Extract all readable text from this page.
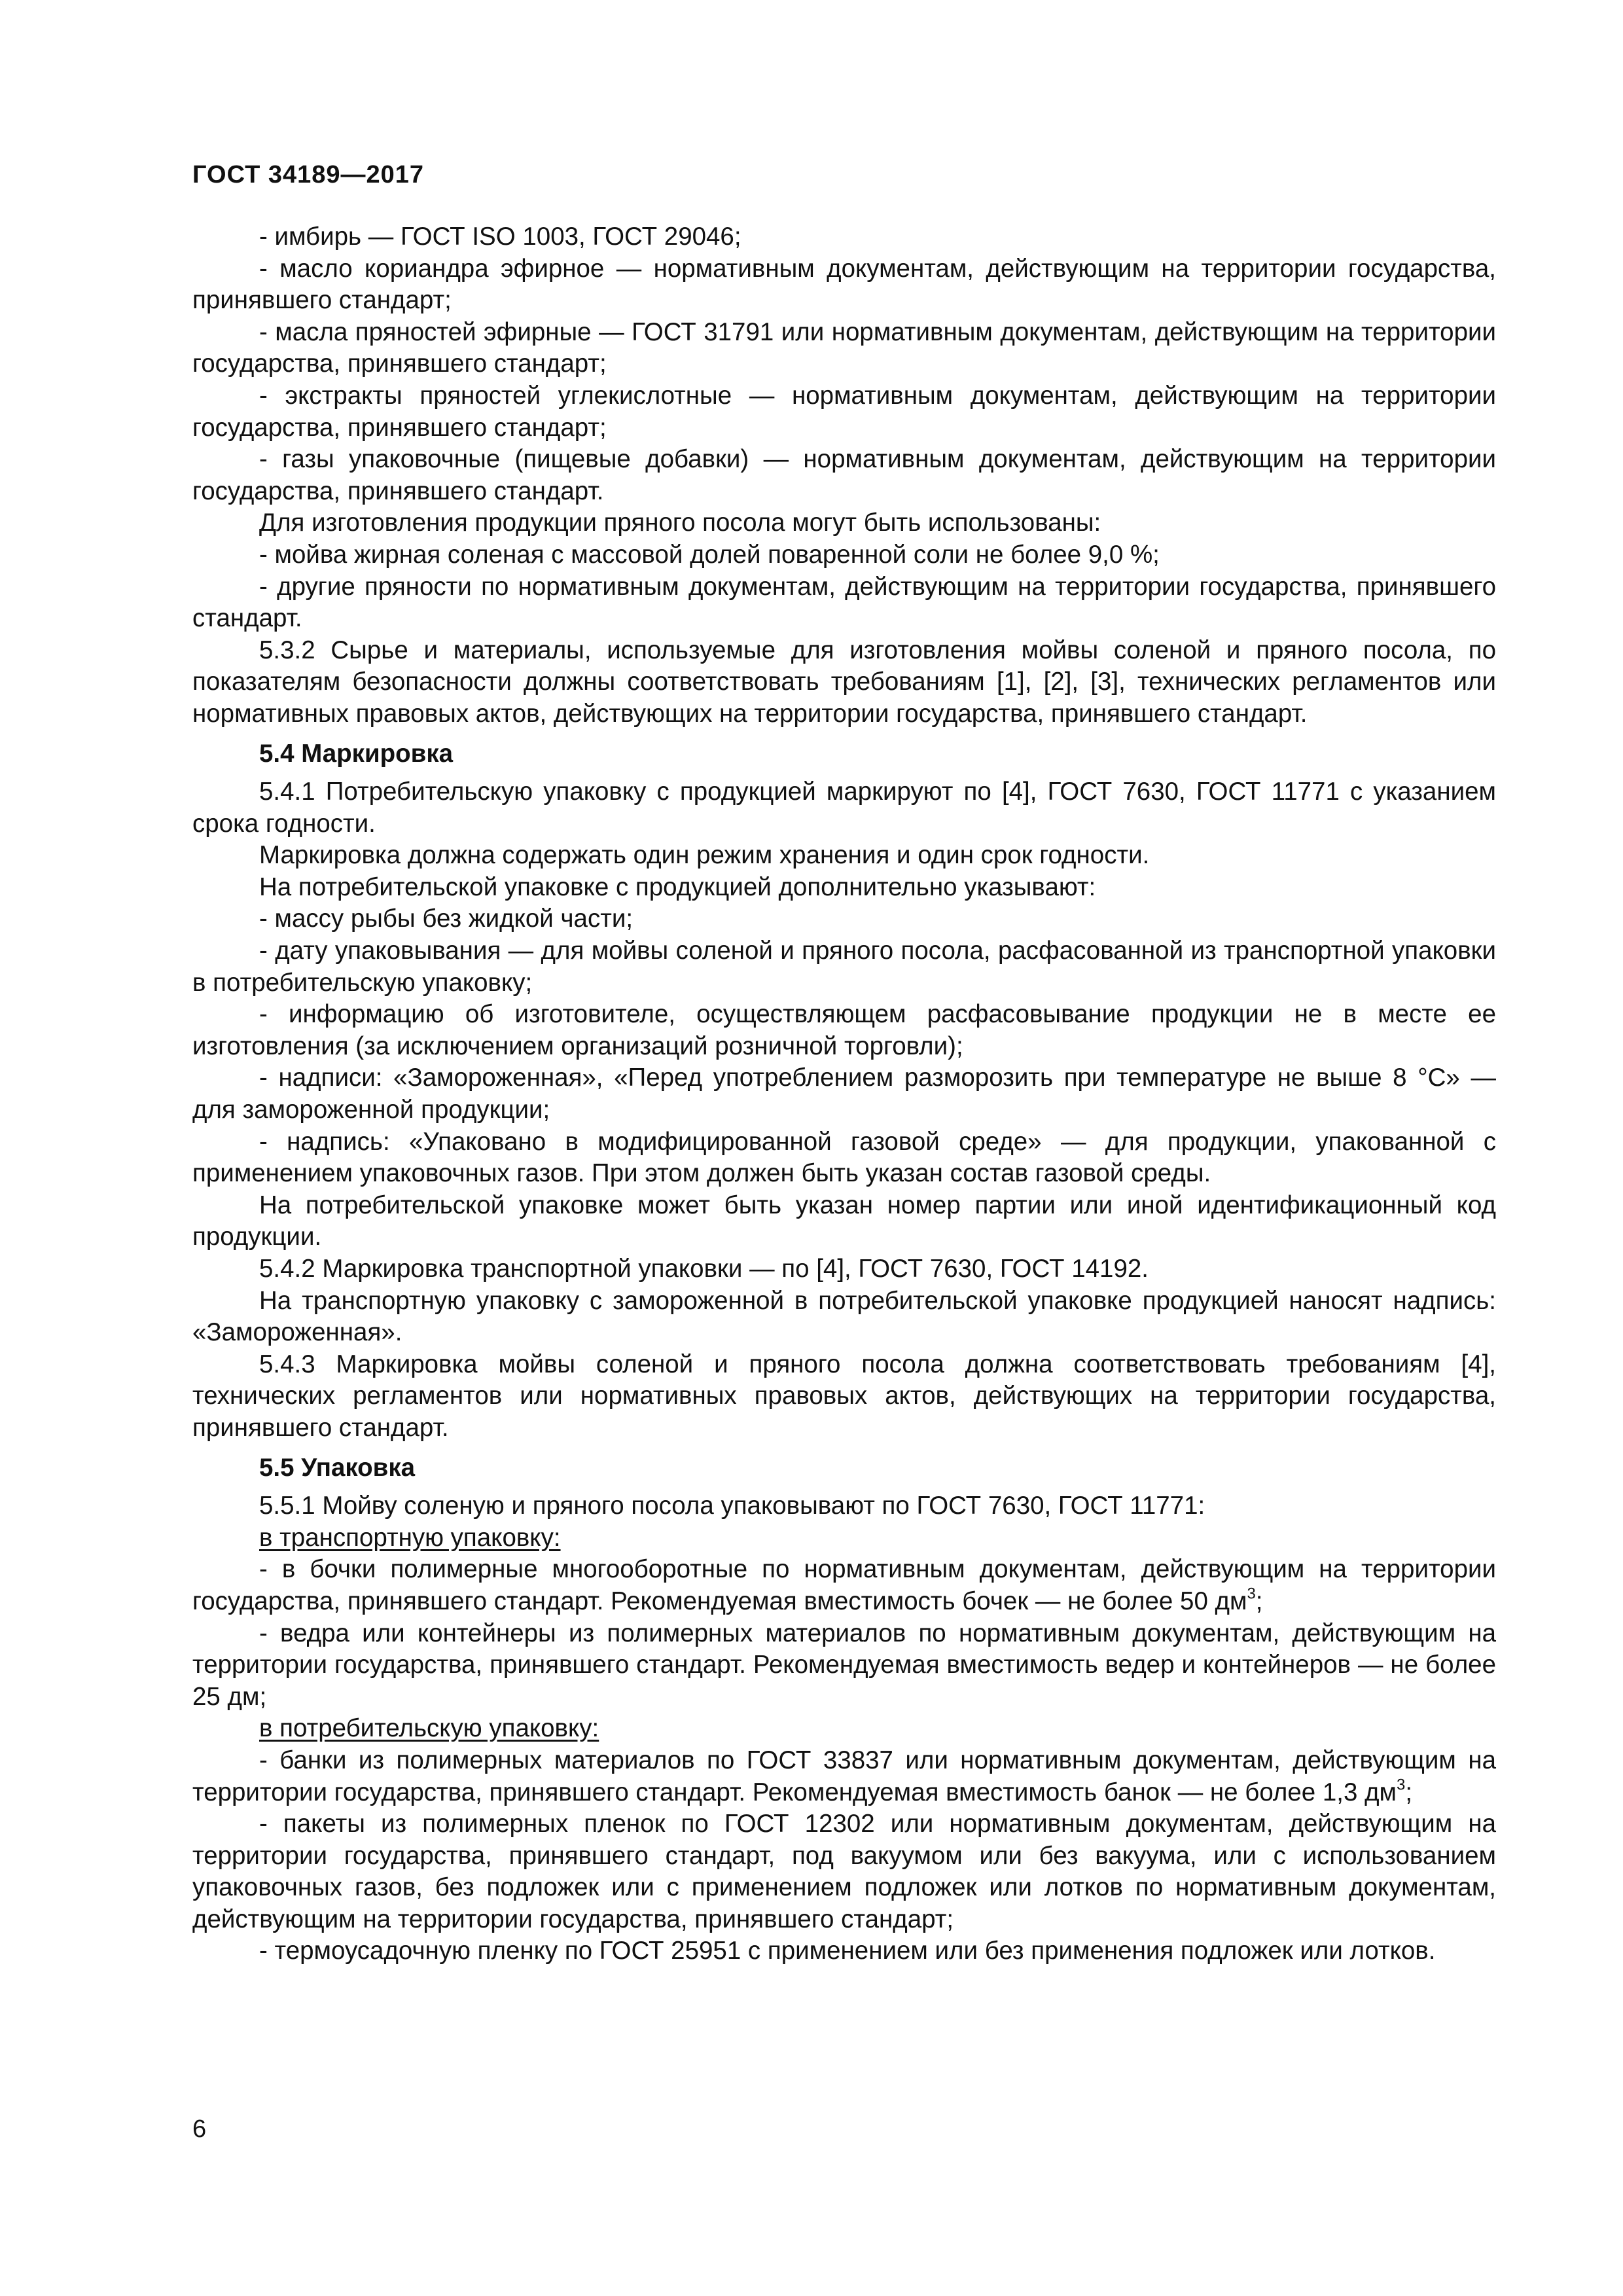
ГОСТ 34189—2017

- имбирь — ГОСТ ISO 1003, ГОСТ 29046;

- масло кориандра эфирное — нормативным документам, действующим на территории государства, принявшего стандарт;

- масла пряностей эфирные — ГОСТ 31791 или нормативным документам, действующим на территории государства, принявшего стандарт;

- экстракты пряностей углекислотные — нормативным документам, действующим на территории государства, принявшего стандарт;

- газы упаковочные (пищевые добавки) — нормативным документам, действующим на территории государства, принявшего стандарт.

Для изготовления продукции пряного посола могут быть использованы:

- мойва жирная соленая с массовой долей поваренной соли не более 9,0 %;

- другие пряности по нормативным документам, действующим на территории государства, принявшего стандарт.

5.3.2 Сырье и материалы, используемые для изготовления мойвы соленой и пряного посола, по показателям безопасности должны соответствовать требованиям [1], [2], [3], технических регламентов или нормативных правовых актов, действующих на территории государства, принявшего стандарт.

5.4 Маркировка

5.4.1 Потребительскую упаковку с продукцией маркируют по [4], ГОСТ 7630, ГОСТ 11771 с указанием срока годности.

Маркировка должна содержать один режим хранения и один срок годности.

На потребительской упаковке с продукцией дополнительно указывают:

- массу рыбы без жидкой части;

- дату упаковывания — для мойвы соленой и пряного посола, расфасованной из транспортной упаковки в потребительскую упаковку;

- информацию об изготовителе, осуществляющем расфасовывание продукции не в месте ее изготовления (за исключением организаций розничной торговли);

- надписи: «Замороженная», «Перед употреблением разморозить при температуре не выше 8 °С» — для замороженной продукции;

- надпись: «Упаковано в модифицированной газовой среде» — для продукции, упакованной с применением упаковочных газов. При этом должен быть указан состав газовой среды.

На потребительской упаковке может быть указан номер партии или иной идентификационный код продукции.

5.4.2 Маркировка транспортной упаковки — по [4], ГОСТ 7630, ГОСТ 14192.

На транспортную упаковку с замороженной в потребительской упаковке продукцией наносят надпись: «Замороженная».

5.4.3 Маркировка мойвы соленой и пряного посола должна соответствовать требованиям [4], технических регламентов или нормативных правовых актов, действующих на территории государства, принявшего стандарт.

5.5 Упаковка

5.5.1 Мойву соленую и пряного посола упаковывают по ГОСТ 7630, ГОСТ 11771:

в транспортную упаковку:

- в бочки полимерные многооборотные по нормативным документам, действующим на территории государства, принявшего стандарт. Рекомендуемая вместимость бочек — не более 50 $дм^3$;

- ведра или контейнеры из полимерных материалов по нормативным документам, действующим на территории государства, принявшего стандарт. Рекомендуемая вместимость ведер и контейнеров — не более 25 дм;

в потребительскую упаковку:

- банки из полимерных материалов по ГОСТ 33837 или нормативным документам, действующим на территории государства, принявшего стандарт. Рекомендуемая вместимость банок — не более 1,3 $дм^3$;

- пакеты из полимерных пленок по ГОСТ 12302 или нормативным документам, действующим на территории государства, принявшего стандарт, под вакуумом или без вакуума, или с использованием упаковочных газов, без подложек или с применением подложек или лотков по нормативным документам, действующим на территории государства, принявшего стандарт;

- термоусадочную пленку по ГОСТ 25951 с применением или без применения подложек или лотков.

6
